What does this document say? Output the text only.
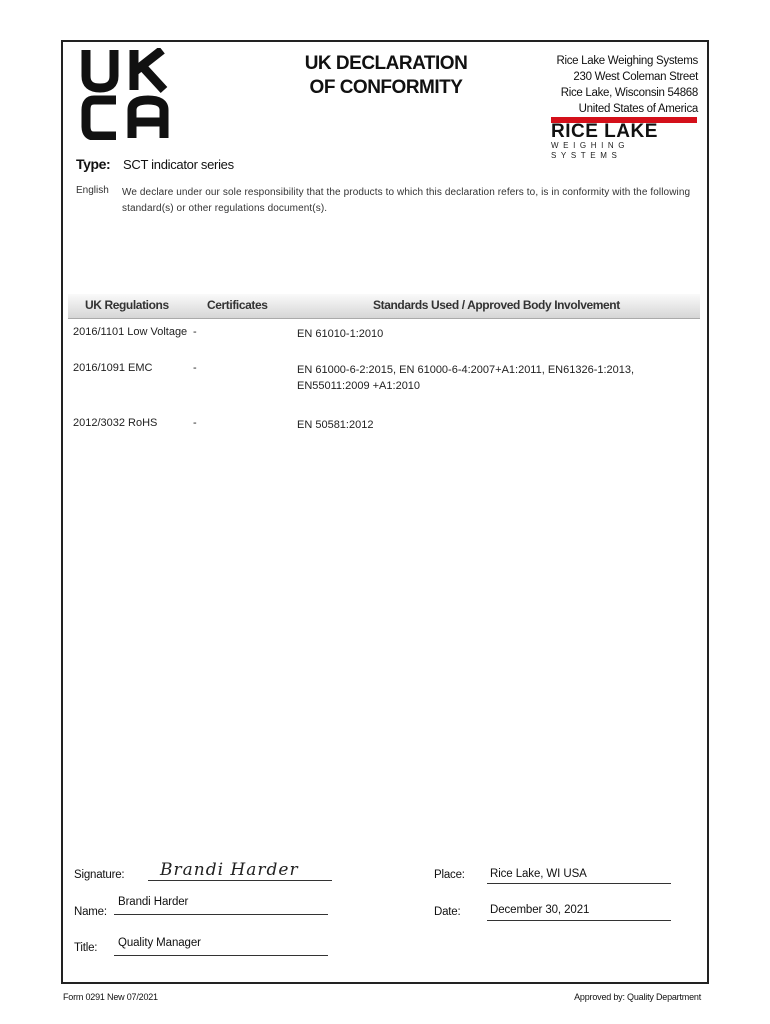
UK DECLARATION
OF CONFORMITY
Rice Lake Weighing Systems
230 West Coleman Street
Rice Lake, Wisconsin 54868
United States of America
RICE LAKE
WEIGHING SYSTEMS
Type: SCT indicator series
English We declare under our sole responsibility that the products to which this declaration refers to, is in conformity with the following standard(s) or other regulations document(s).
UK Regulations	Certificates	Standards Used / Approved Body Involvement
2016/1101 Low Voltage -	EN 61010-1:2010
2016/1091 EMC	-	EN 61000-6-2:2015, EN 61000-6-4:2007+A1:2011, EN61326-1:2013, EN55011:2009 +A1:2010
2012/3032 RoHS	-	EN 50581:2012
Signature: Brandi Harder
Name:
Brandi Harder
Title: Quality Manager
Place: Rice Lake, WI USA
Date:	December 30, 2021
Form 0291 New 07/2021	Approved by: Quality Department
